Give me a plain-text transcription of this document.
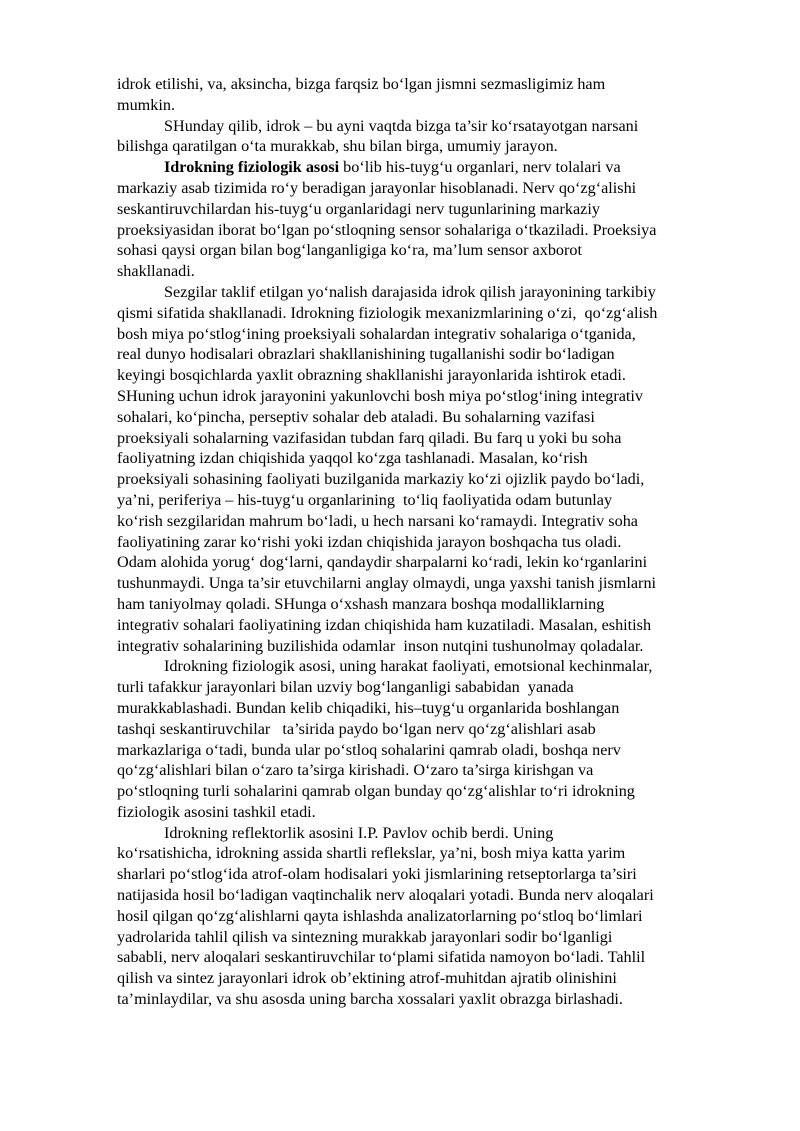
idrok etilishi, va, aksincha, bizga farqsiz bo‘lgan jismni sezmasligimiz ham
mumkin.

SHunday qilib, idrok – bu ayni vaqtda bizga ta’sir ko‘rsatayotgan narsani
bilishga qaratilgan o‘ta murakkab, shu bilan birga, umumiy jarayon.

Idrokning fiziologik asosi bo‘lib his-tuyg‘u organlari, nerv tolalari va
markaziy asab tizimida ro‘y beradigan jarayonlar hisoblanadi. Nerv qo‘zg‘alishi
seskantiruvchilardan his-tuyg‘u organlaridagi nerv tugunlarining markaziy
proeksiyasidan iborat bo‘lgan po‘stloqning sensor sohalariga o‘tkaziladi. Proeksiya
sohasi qaysi organ bilan bog‘langanligiga ko‘ra, ma’lum sensor axborot
shakllanadi.

Sezgilar taklif etilgan yo‘nalish darajasida idrok qilish jarayonining tarkibiy
qismi sifatida shakllanadi. Idrokning fiziologik mexanizmlarining o‘zi,  qo‘zg‘alish
bosh miya po‘stlog‘ining proeksiyali sohalardan integrativ sohalariga o‘tganida,
real dunyo hodisalari obrazlari shakllanishining tugallanishi sodir bo‘ladigan
keyingi bosqichlarda yaxlit obrazning shakllanishi jarayonlarida ishtirok etadi.
SHuning uchun idrok jarayonini yakunlovchi bosh miya po‘stlog‘ining integrativ
sohalari, ko‘pincha, perseptiv sohalar deb ataladi. Bu sohalarning vazifasi
proeksiyali sohalarning vazifasidan tubdan farq qiladi. Bu farq u yoki bu soha
faoliyatning izdan chiqishida yaqqol ko‘zga tashlanadi. Masalan, ko‘rish
proeksiyali sohasining faoliyati buzilganida markaziy ko‘zi ojizlik paydo bo‘ladi,
ya’ni, periferiya – his-tuyg‘u organlarining  to‘liq faoliyatida odam butunlay
ko‘rish sezgilaridan mahrum bo‘ladi, u hech narsani ko‘ramaydi. Integrativ soha
faoliyatining zarar ko‘rishi yoki izdan chiqishida jarayon boshqacha tus oladi.
Odam alohida yorug‘ dog‘larni, qandaydir sharpalarni ko‘radi, lekin ko‘rganlarini
tushunmaydi. Unga ta’sir etuvchilarni anglay olmaydi, unga yaxshi tanish jismlarni
ham taniyolmay qoladi. SHunga o‘xshash manzara boshqa modalliklarning
integrativ sohalari faoliyatining izdan chiqishida ham kuzatiladi. Masalan, eshitish
integrativ sohalarining buzilishida odamlar  inson nutqini tushunolmay qoladalar.

Idrokning fiziologik asosi, uning harakat faoliyati, emotsional kechinmalar,
turli tafakkur jarayonlari bilan uzviy bog‘langanligi sababidan  yanada
murakkablashadi. Bundan kelib chiqadiki, his–tuyg‘u organlarida boshlangan
tashqi seskantiruvchilar   ta’sirida paydo bo‘lgan nerv qo‘zg‘alishlari asab
markazlariga o‘tadi, bunda ular po‘stloq sohalarini qamrab oladi, boshqa nerv
qo‘zg‘alishlari bilan o‘zaro ta’sirga kirishadi. O‘zaro ta’sirga kirishgan va
po‘stloqning turli sohalarini qamrab olgan bunday qo‘zg‘alishlar to‘ri idrokning
fiziologik asosini tashkil etadi.

Idrokning reflektorlik asosini I.P. Pavlov ochib berdi. Uning
ko‘rsatishicha, idrokning assida shartli reflekslar, ya’ni, bosh miya katta yarim
sharlari po‘stlog‘ida atrof-olam hodisalari yoki jismlarining retseptorlarga ta’siri
natijasida hosil bo‘ladigan vaqtinchalik nerv aloqalari yotadi. Bunda nerv aloqalari
hosil qilgan qo‘zg‘alishlarni qayta ishlashda analizatorlarning po‘stloq bo‘limlari
yadrolarida tahlil qilish va sintezning murakkab jarayonlari sodir bo‘lganligi
sababli, nerv aloqalari seskantiruvchilar to‘plami sifatida namoyon bo‘ladi. Tahlil
qilish va sintez jarayonlari idrok ob’ektining atrof-muhitdan ajratib olinishini
ta’minlaydilar, va shu asosda uning barcha xossalari yaxlit obrazga birlashadi.
